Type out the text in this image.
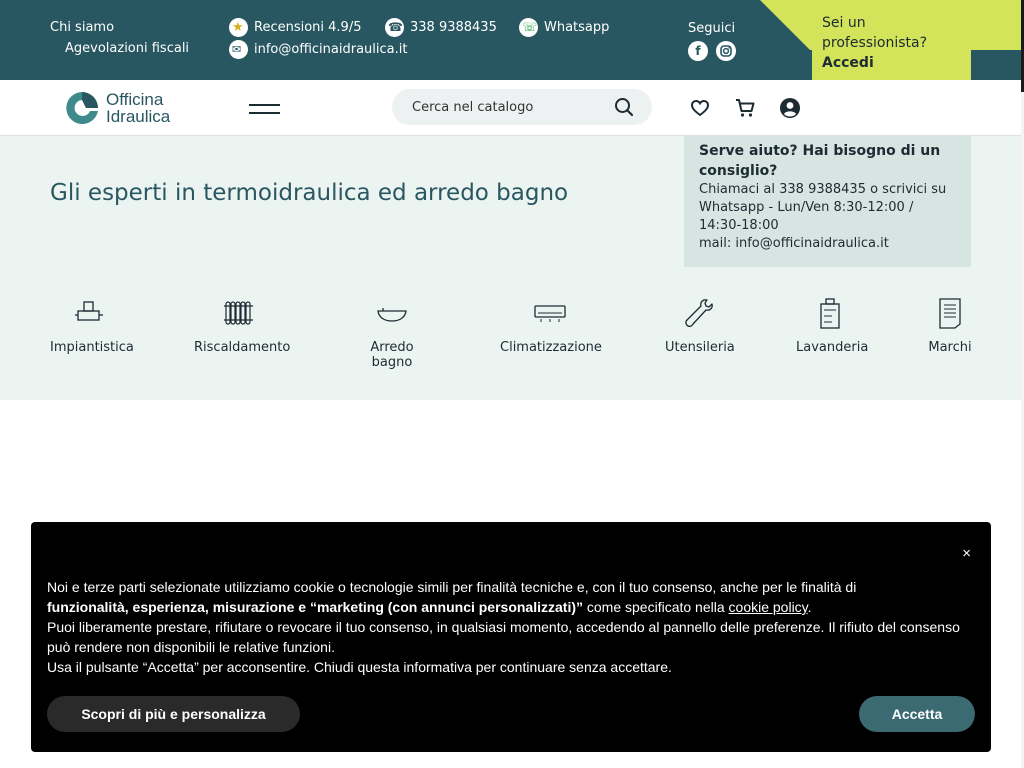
Chi siamo
Agevolazioni fiscali
★Recensioni 4.9/5 ☎	338 9388435 ☏	Whatsapp
✉info@officinaidraulica.it
Seguici
f
Sei un professionista?
Accedi
Officina
Idraulica
Cerca nel catalogo
Gli esperti in termoidraulica ed arredo bagno
Serve aiuto? Hai bisogno di un consiglio?
Chiamaci al 338 9388435 o scrivici su Whatsapp - Lun/Ven 8:30-12:00 / 14:30-18:00
mail: info@officinaidraulica.it
Impiantistica	Riscaldamento	Arredo bagno
Climatizzazione	Utensileria	Lavanderia	Marchi
×
Noi e terze parti selezionate utilizziamo cookie o tecnologie simili per finalità tecniche e, con il tuo consenso, anche per le finalità di
funzionalità, esperienza, misurazione e “marketing (con annunci personalizzati)” come specificato nella cookie policy.
Puoi liberamente prestare, rifiutare o revocare il tuo consenso, in qualsiasi momento, accedendo al pannello delle preferenze. Il rifiuto del consenso può rendere non disponibili le relative funzioni.
Usa il pulsante “Accetta” per acconsentire. Chiudi questa informativa per continuare senza accettare.
Scopri di più e personalizza	Accetta
